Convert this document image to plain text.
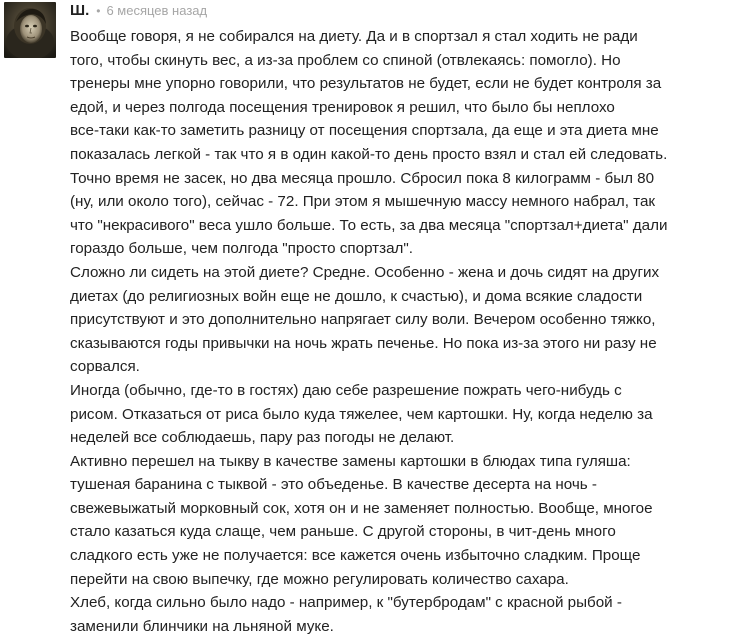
Ш. • 6 месяцев назад
Вообще говоря, я не собирался на диету. Да и в спортзал я стал ходить не ради
того, чтобы скинуть вес, а из-за проблем со спиной (отвлекаясь: помогло). Но
тренеры мне упорно говорили, что результатов не будет, если не будет контроля за
едой, и через полгода посещения тренировок я решил, что было бы неплохо
все-таки как-то заметить разницу от посещения спортзала, да еще и эта диета мне
показалась легкой - так что я в один какой-то день просто взял и стал ей следовать.
Точно время не засек, но два месяца прошло. Сбросил пока 8 килограмм - был 80
(ну, или около того), сейчас - 72. При этом я мышечную массу немного набрал, так
что "некрасивого" веса ушло больше. То есть, за два месяца "спортзал+диета" дали
гораздо больше, чем полгода "просто спортзал".
Сложно ли сидеть на этой диете? Средне. Особенно - жена и дочь сидят на других
диетах (до религиозных войн еще не дошло, к счастью), и дома всякие сладости
присутствуют и это дополнительно напрягает силу воли. Вечером особенно тяжко,
сказываются годы привычки на ночь жрать печенье. Но пока из-за этого ни разу не
сорвался.
Иногда (обычно, где-то в гостях) даю себе разрешение пожрать чего-нибудь с
рисом. Отказаться от риса было куда тяжелее, чем картошки. Ну, когда неделю за
неделей все соблюдаешь, пару раз погоды не делают.
Активно перешел на тыкву в качестве замены картошки в блюдах типа гуляша:
тушеная баранина с тыквой - это объеденье. В качестве десерта на ночь -
свежевыжатый морковный сок, хотя он и не заменяет полностью. Вообще, многое
стало казаться куда слаще, чем раньше. С другой стороны, в чит-день много
сладкого есть уже не получается: все кажется очень избыточно сладким. Проще
перейти на свою выпечку, где можно регулировать количество сахара.
Хлеб, когда сильно было надо - например, к "бутербродам" с красной рыбой -
заменили блинчики на льняной муке.
